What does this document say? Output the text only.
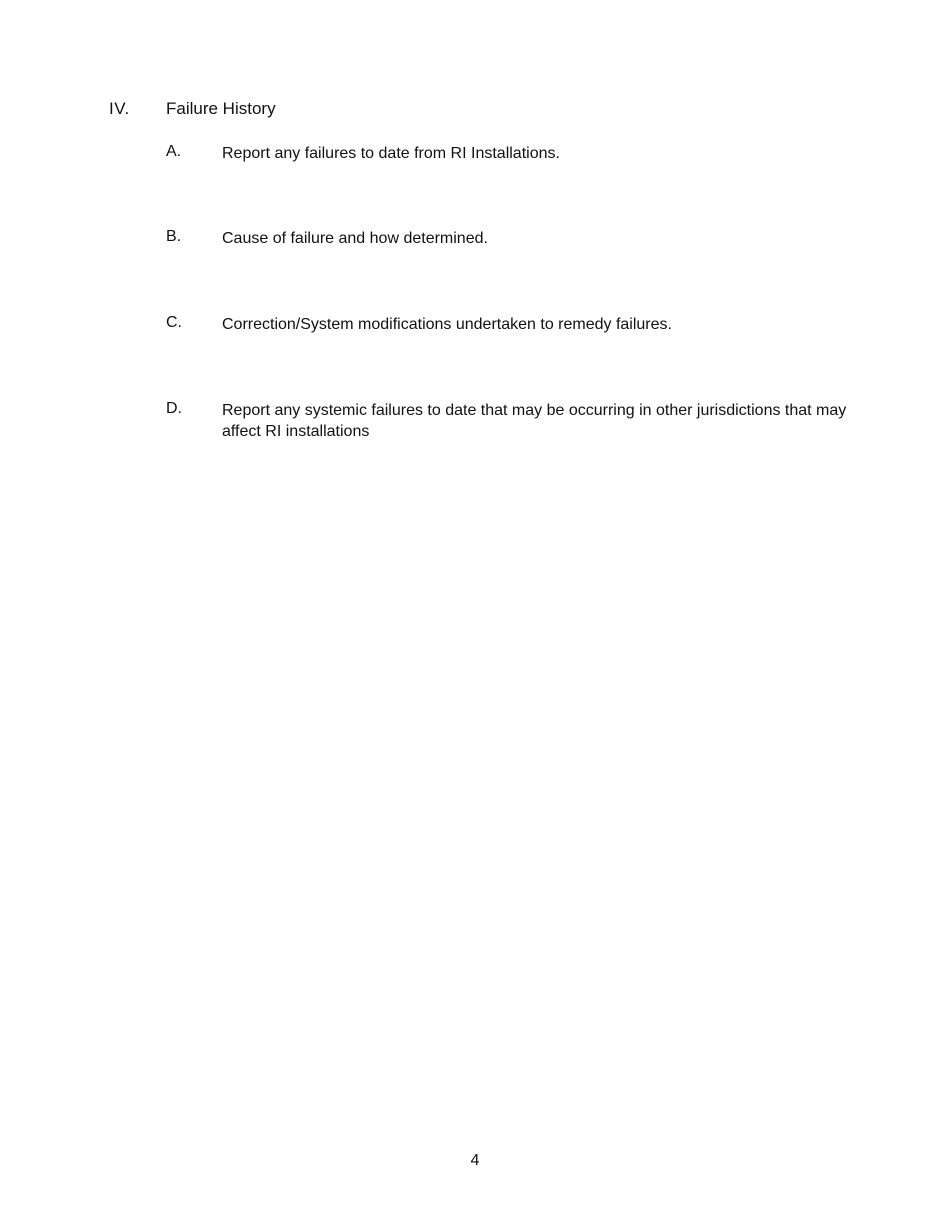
IV. Failure History
A.	Report any failures to date from RI Installations.
B.	Cause of failure and how determined.
C.	Correction/System modifications undertaken to remedy failures.
D.	Report any systemic failures to date that may be occurring in other jurisdictions that may affect RI installations
4
